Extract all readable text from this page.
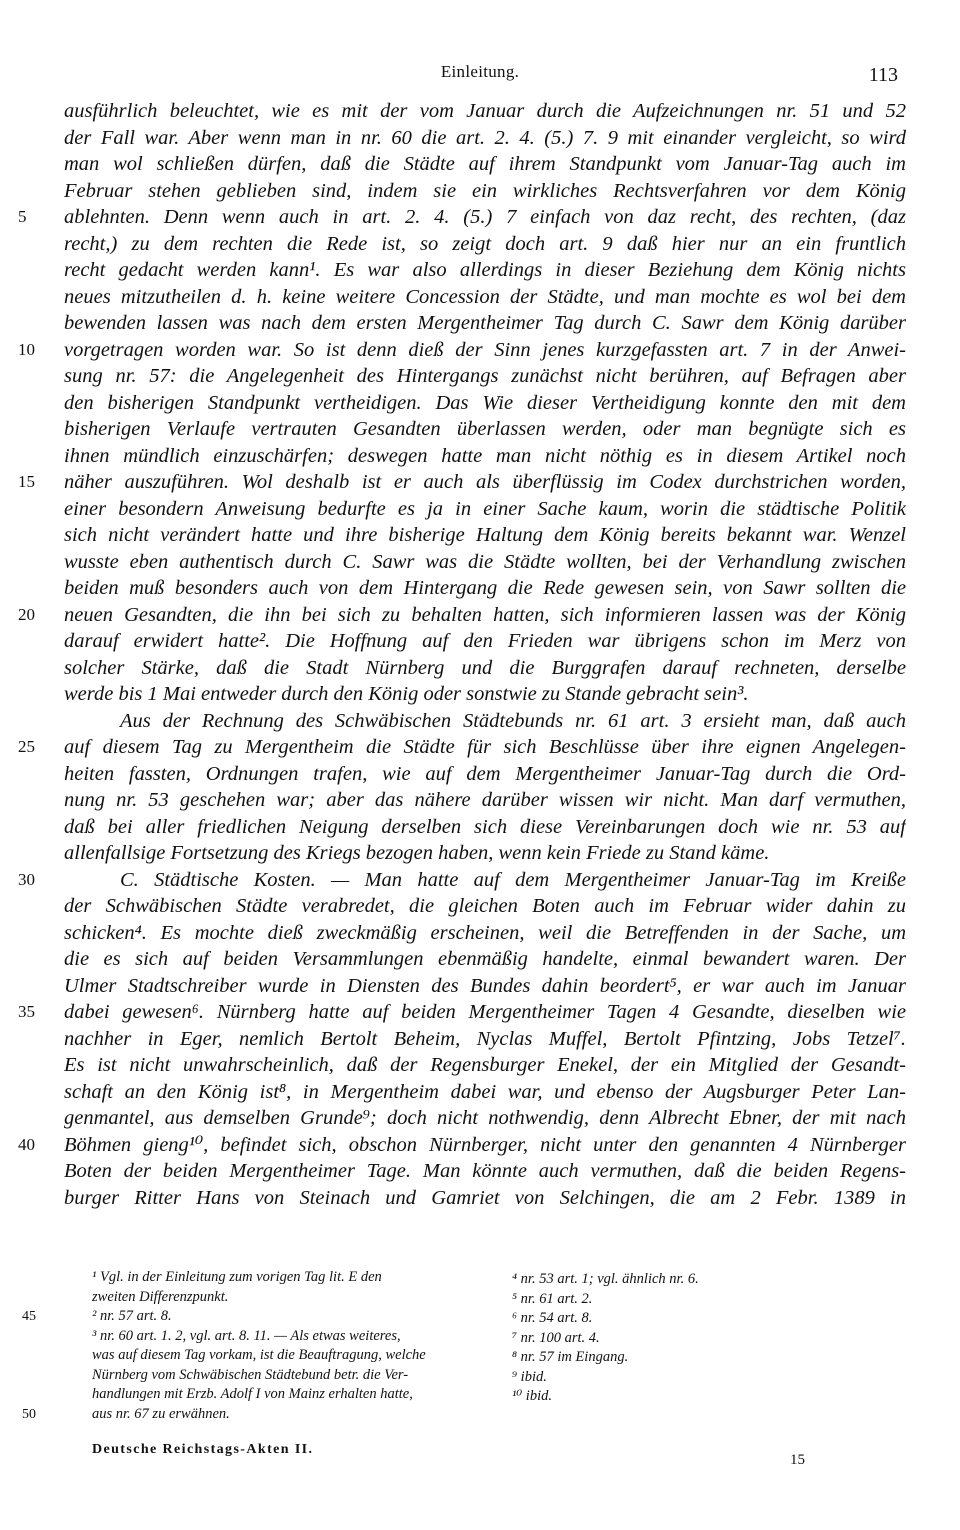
Einleitung.	113
ausführlich beleuchtet, wie es mit der vom Januar durch die Aufzeichnungen nr. 51 und 52
der Fall war. Aber wenn man in nr. 60 die art. 2. 4. (5.) 7. 9 mit einander vergleicht, so wird
man wol schließen dürfen, daß die Städte auf ihrem Standpunkt vom Januar-Tag auch im
Februar stehen geblieben sind, indem sie ein wirkliches Rechtsverfahren vor dem König
5	ablehnten. Denn wenn auch in art. 2. 4. (5.) 7 einfach von daz recht, des rechten, (daz
recht,) zu dem rechten die Rede ist, so zeigt doch art. 9 daß hier nur an ein fruntlich
recht gedacht werden kann¹. Es war also allerdings in dieser Beziehung dem König nichts
neues mitzutheilen d. h. keine weitere Concession der Städte, und man mochte es wol bei dem
bewenden lassen was nach dem ersten Mergentheimer Tag durch C. Sawr dem König darüber
10	vorgetragen worden war. So ist denn dieß der Sinn jenes kurzgefassten art. 7 in der Anwei-
sung nr. 57: die Angelegenheit des Hintergangs zunächst nicht berühren, auf Befragen aber
den bisherigen Standpunkt vertheidigen. Das Wie dieser Vertheidigung konnte den mit dem
bisherigen Verlaufe vertrauten Gesandten überlassen werden, oder man begnügte sich es
ihnen mündlich einzuschärfen; deswegen hatte man nicht nöthig es in diesem Artikel noch
15	näher auszuführen. Wol deshalb ist er auch als überflüssig im Codex durchstrichen worden,
einer besondern Anweisung bedurfte es ja in einer Sache kaum, worin die städtische Politik
sich nicht verändert hatte und ihre bisherige Haltung dem König bereits bekannt war. Wenzel
wusste eben authentisch durch C. Sawr was die Städte wollten, bei der Verhandlung zwischen
beiden muß besonders auch von dem Hintergang die Rede gewesen sein, von Sawr sollten die
20	neuen Gesandten, die ihn bei sich zu behalten hatten, sich informieren lassen was der König
darauf erwidert hatte². Die Hoffnung auf den Frieden war übrigens schon im Merz von
solcher Stärke, daß die Stadt Nürnberg und die Burggrafen darauf rechneten, derselbe
werde bis 1 Mai entweder durch den König oder sonstwie zu Stande gebracht sein³.
Aus der Rechnung des Schwäbischen Städtebunds nr. 61 art. 3 ersieht man, daß auch
25	auf diesem Tag zu Mergentheim die Städte für sich Beschlüsse über ihre eignen Angelegen-
heiten fassten, Ordnungen trafen, wie auf dem Mergentheimer Januar-Tag durch die Ord-
nung nr. 53 geschehen war; aber das nähere darüber wissen wir nicht. Man darf vermuthen,
daß bei aller friedlichen Neigung derselben sich diese Vereinbarungen doch wie nr. 53 auf
allenfallsige Fortsetzung des Kriegs bezogen haben, wenn kein Friede zu Stand käme.
30	C. Städtische Kosten. — Man hatte auf dem Mergentheimer Januar-Tag im Kreiße
der Schwäbischen Städte verabredet, die gleichen Boten auch im Februar wider dahin zu
schicken⁴. Es mochte dieß zweckmäßig erscheinen, weil die Betreffenden in der Sache, um
die es sich auf beiden Versammlungen ebenmäßig handelte, einmal bewandert waren. Der
Ulmer Stadtschreiber wurde in Diensten des Bundes dahin beordert⁵, er war auch im Januar
35	dabei gewesen⁶. Nürnberg hatte auf beiden Mergentheimer Tagen 4 Gesandte, dieselben wie
nachher in Eger, nemlich Bertolt Beheim, Nyclas Muffel, Bertolt Pfintzing, Jobs Tetzel⁷.
Es ist nicht unwahrscheinlich, daß der Regensburger Enekel, der ein Mitglied der Gesandt-
schaft an den König ist⁸, in Mergentheim dabei war, und ebenso der Augsburger Peter Lan-
genmantel, aus demselben Grunde⁹; doch nicht nothwendig, denn Albrecht Ebner, der mit nach
40	Böhmen gieng¹⁰, befindet sich, obschon Nürnberger, nicht unter den genannten 4 Nürnberger
Boten der beiden Mergentheimer Tage. Man könnte auch vermuthen, daß die beiden Regens-
burger Ritter Hans von Steinach und Gamriet von Selchingen, die am 2 Febr. 1389 in
¹ Vgl. in der Einleitung zum vorigen Tag lit. E den
zweiten Differenzpunkt.
² nr. 57 art. 8.
³ nr. 60 art. 1. 2, vgl. art. 8. 11. — Als etwas weiteres,
was auf diesem Tag vorkam, ist die Beauftragung, welche
Nürnberg vom Schwäbischen Städtebund betr. die Ver-
handlungen mit Erzb. Adolf I von Mainz erhalten hatte,
aus nr. 67 zu erwähnen.
⁴ nr. 53 art. 1; vgl. ähnlich nr. 6.
⁵ nr. 61 art. 2.
⁶ nr. 54 art. 8.
⁷ nr. 100 art. 4.
⁸ nr. 57 im Eingang.
⁹ ibid.
¹⁰ ibid.
Deutsche Reichstags-Akten II.
15
45
50
